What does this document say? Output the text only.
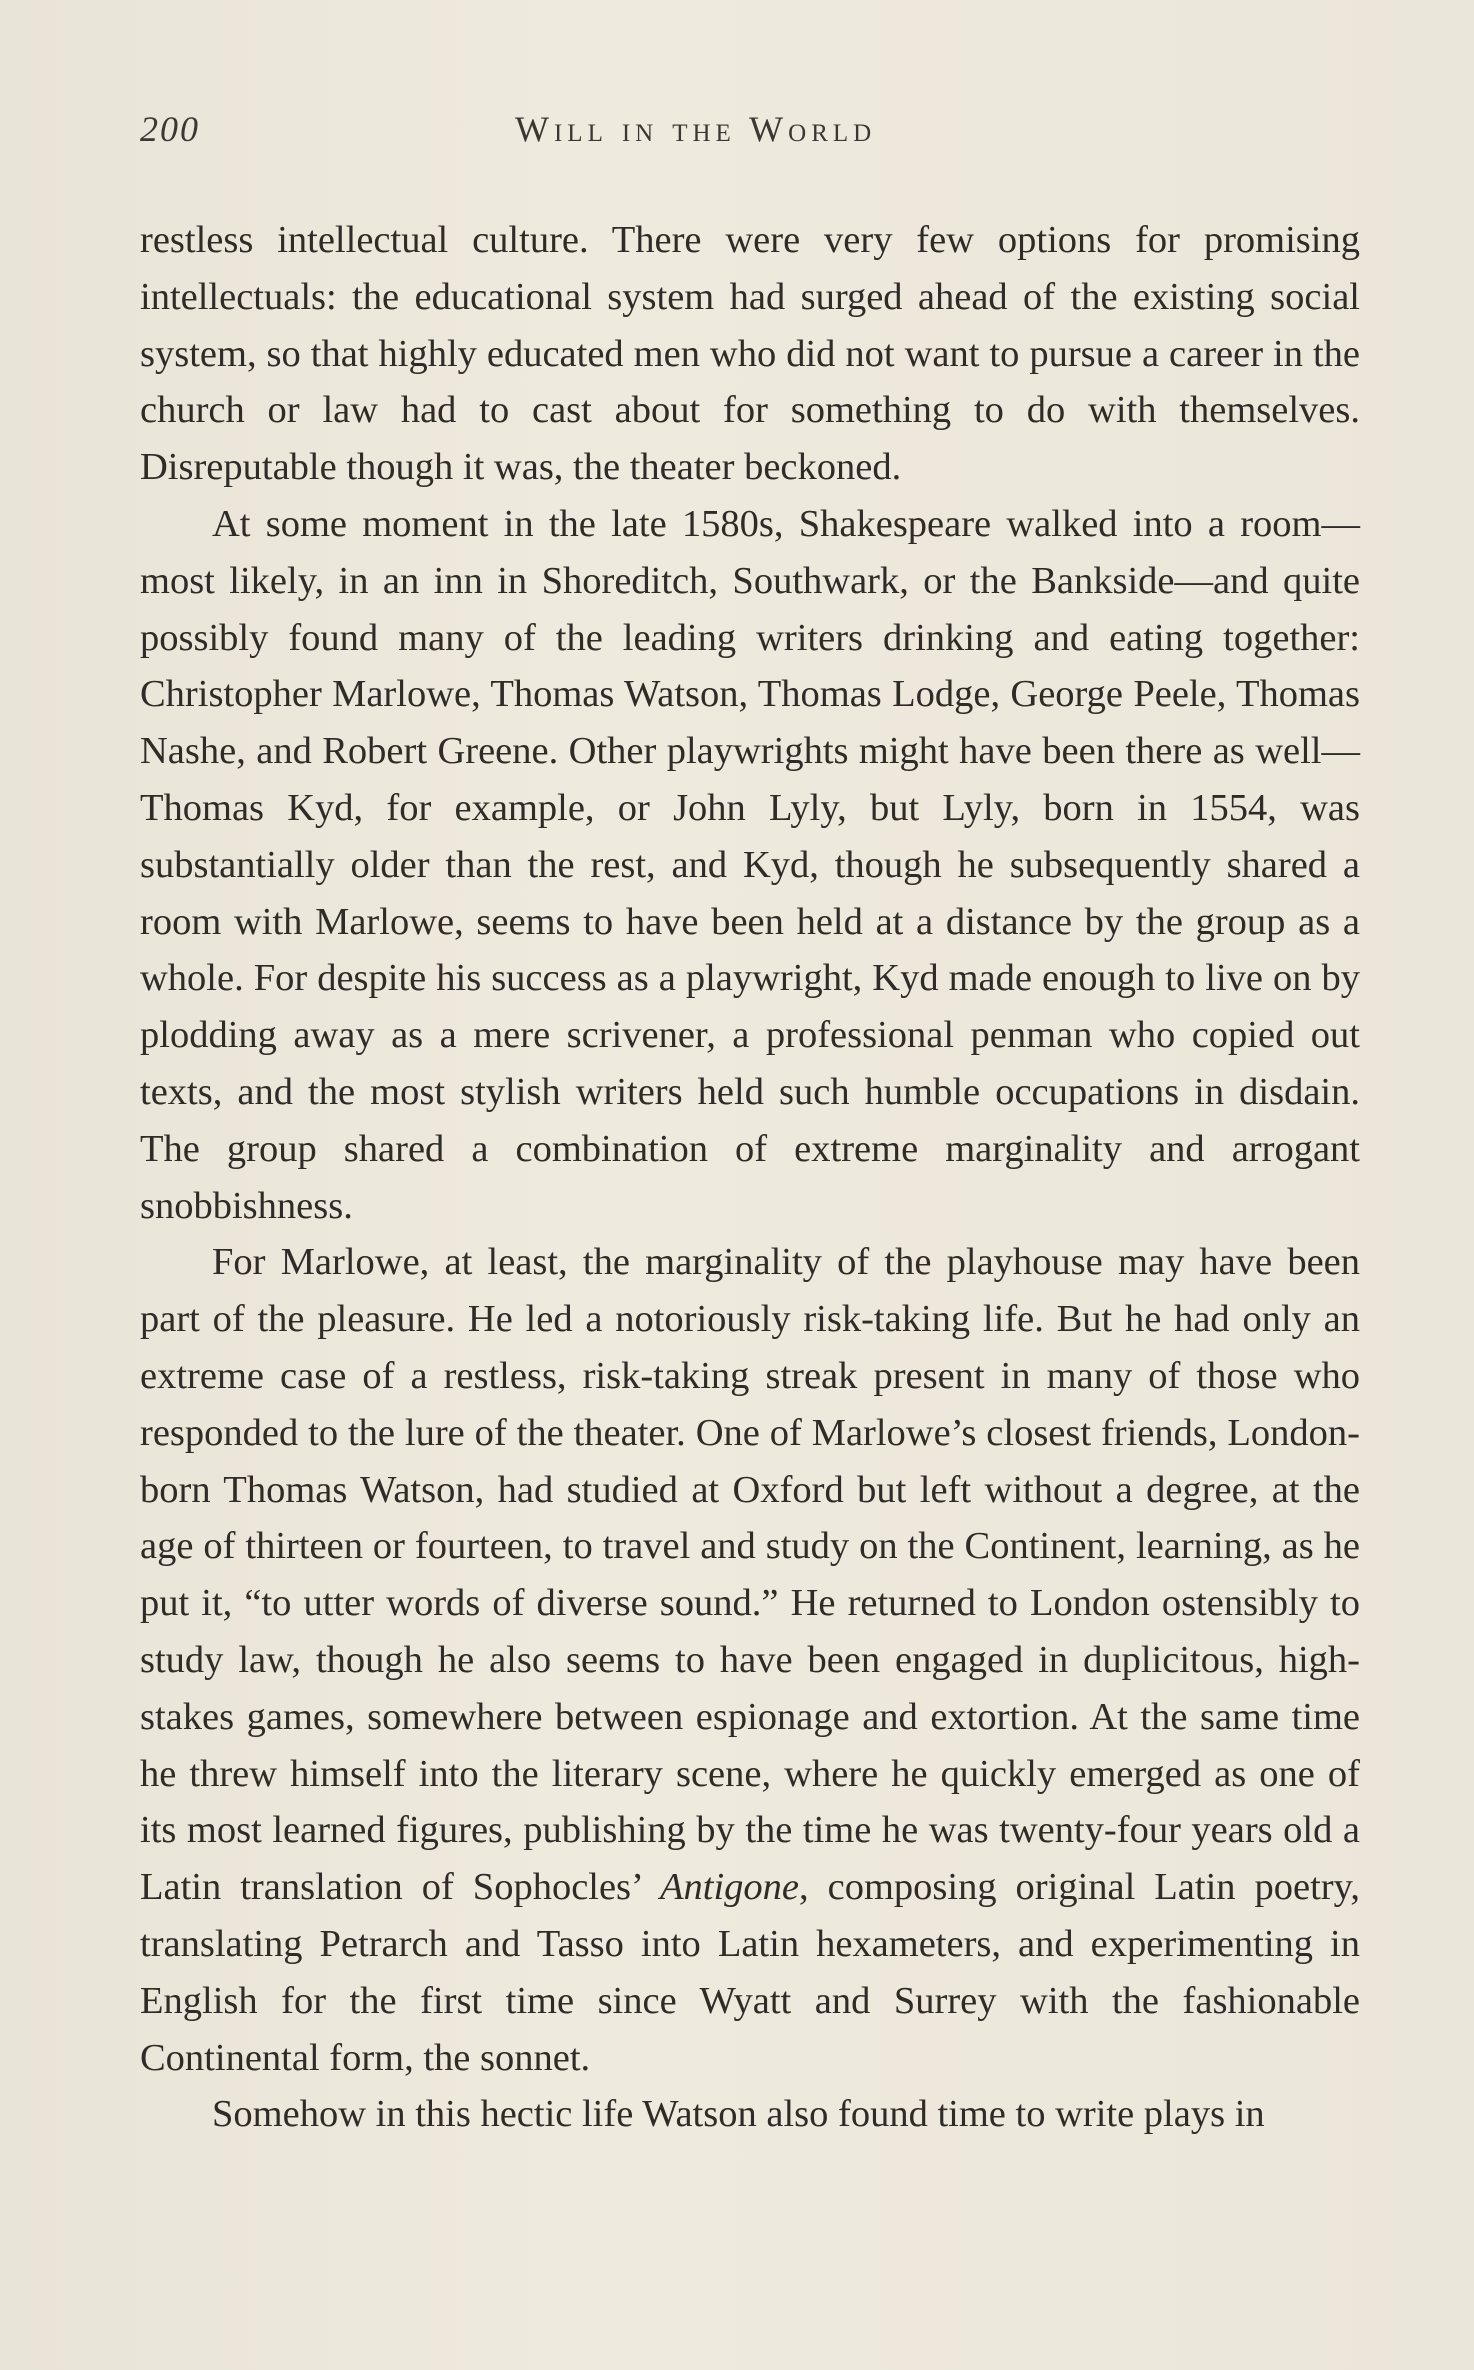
200	Will in the World

restless intellectual culture. There were very few options for promising intellectuals: the educational system had surged ahead of the existing social system, so that highly educated men who did not want to pursue a career in the church or law had to cast about for something to do with themselves. Disreputable though it was, the theater beckoned.

At some moment in the late 1580s, Shakespeare walked into a room—most likely, in an inn in Shoreditch, Southwark, or the Bankside—and quite possibly found many of the leading writers drinking and eating together: Christopher Marlowe, Thomas Watson, Thomas Lodge, George Peele, Thomas Nashe, and Robert Greene. Other playwrights might have been there as well—Thomas Kyd, for example, or John Lyly, but Lyly, born in 1554, was substantially older than the rest, and Kyd, though he subsequently shared a room with Marlowe, seems to have been held at a distance by the group as a whole. For despite his success as a playwright, Kyd made enough to live on by plodding away as a mere scrivener, a professional penman who copied out texts, and the most stylish writers held such humble occupations in disdain. The group shared a combination of extreme marginality and arrogant snobbishness.

For Marlowe, at least, the marginality of the playhouse may have been part of the pleasure. He led a notoriously risk-taking life. But he had only an extreme case of a restless, risk-taking streak present in many of those who responded to the lure of the theater. One of Marlowe’s closest friends, London-born Thomas Watson, had studied at Oxford but left without a degree, at the age of thirteen or fourteen, to travel and study on the Continent, learning, as he put it, “to utter words of diverse sound.” He returned to London ostensibly to study law, though he also seems to have been engaged in duplicitous, high-stakes games, somewhere between espionage and extortion. At the same time he threw himself into the literary scene, where he quickly emerged as one of its most learned figures, publishing by the time he was twenty-four years old a Latin translation of Sophocles’ Antigone, composing original Latin poetry, translating Petrarch and Tasso into Latin hexameters, and experimenting in English for the first time since Wyatt and Surrey with the fashionable Continental form, the sonnet.

Somehow in this hectic life Watson also found time to write plays in
